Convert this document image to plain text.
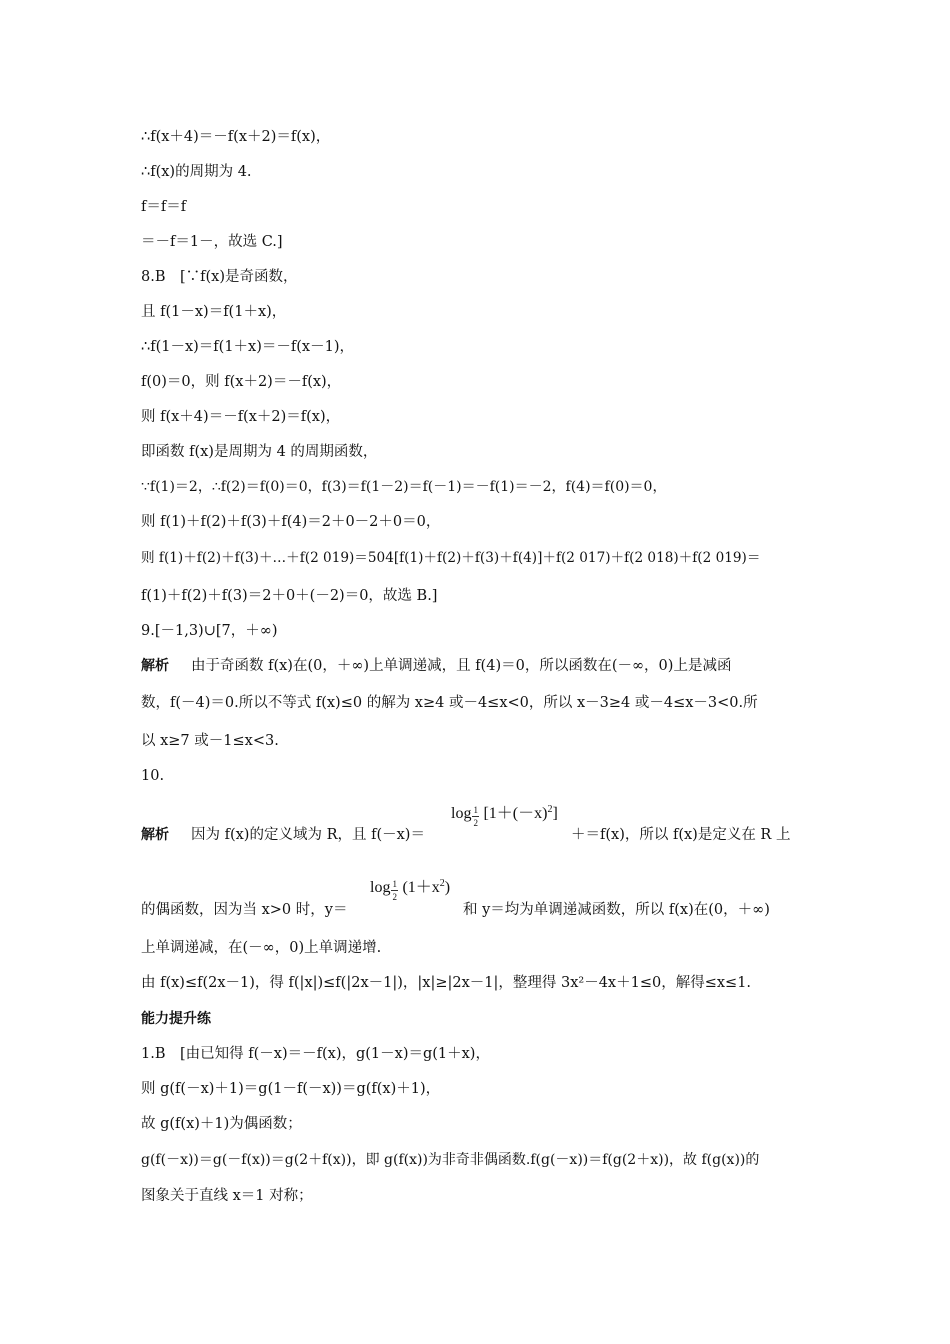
∴f(x＋4)＝－f(x＋2)＝f(x)，
∴f(x)的周期为 4.
f＝f＝f
＝－f＝1－，故选 C.]
8.B　[∵f(x)是奇函数，
且 f(1－x)＝f(1＋x)，
∴f(1－x)＝f(1＋x)＝－f(x－1)，
f(0)＝0，则 f(x＋2)＝－f(x)，
则 f(x＋4)＝－f(x＋2)＝f(x)，
即函数 f(x)是周期为 4 的周期函数，
∵f(1)＝2，∴f(2)＝f(0)＝0，f(3)＝f(1－2)＝f(－1)＝－f(1)＝－2，f(4)＝f(0)＝0，
则 f(1)＋f(2)＋f(3)＋f(4)＝2＋0－2＋0＝0，
则 f(1)＋f(2)＋f(3)＋…＋f(2 019)＝504[f(1)＋f(2)＋f(3)＋f(4)]＋f(2 017)＋f(2 018)＋f(2 019)＝
f(1)＋f(2)＋f(3)＝2＋0＋(－2)＝0，故选 B.]
9.[－1,3)∪[7，＋∞)
解析 由于奇函数 f(x)在(0，＋∞)上单调递减，且 f(4)＝0，所以函数在(－∞，0)上是减函
数，f(－4)＝0.所以不等式 f(x)≤0 的解为 x≥4 或－4≤x<0，所以 x－3≥4 或－4≤x－3<0.所
以 x≥7 或－1≤x<3.
10.
$\log \frac{1}{2} [1+(-x)^2]$
解析 因为 f(x)的定义域为 R，且 f(－x)＝	＋＝f(x)，所以 f(x)是定义在 R 上
$\log \frac{1}{2} (1+x^2)$
的偶函数，因为当 x>0 时，y＝	和 y＝均为单调递减函数，所以 f(x)在(0，＋∞)
上单调递减，在(－∞，0)上单调递增.
由 f(x)≤f(2x－1)，得 f(|x|)≤f(|2x－1|)，|x|≥|2x－1|，整理得 3x²－4x＋1≤0，解得≤x≤1.
能力提升练
1.B　[由已知得 f(－x)＝－f(x)，g(1－x)＝g(1＋x)，
则 g(f(－x)＋1)＝g(1－f(－x))＝g(f(x)＋1)，
故 g(f(x)＋1)为偶函数；
g(f(－x))＝g(－f(x))＝g(2＋f(x))，即 g(f(x))为非奇非偶函数.f(g(－x))＝f(g(2＋x))，故 f(g(x))的
图象关于直线 x＝1 对称；
